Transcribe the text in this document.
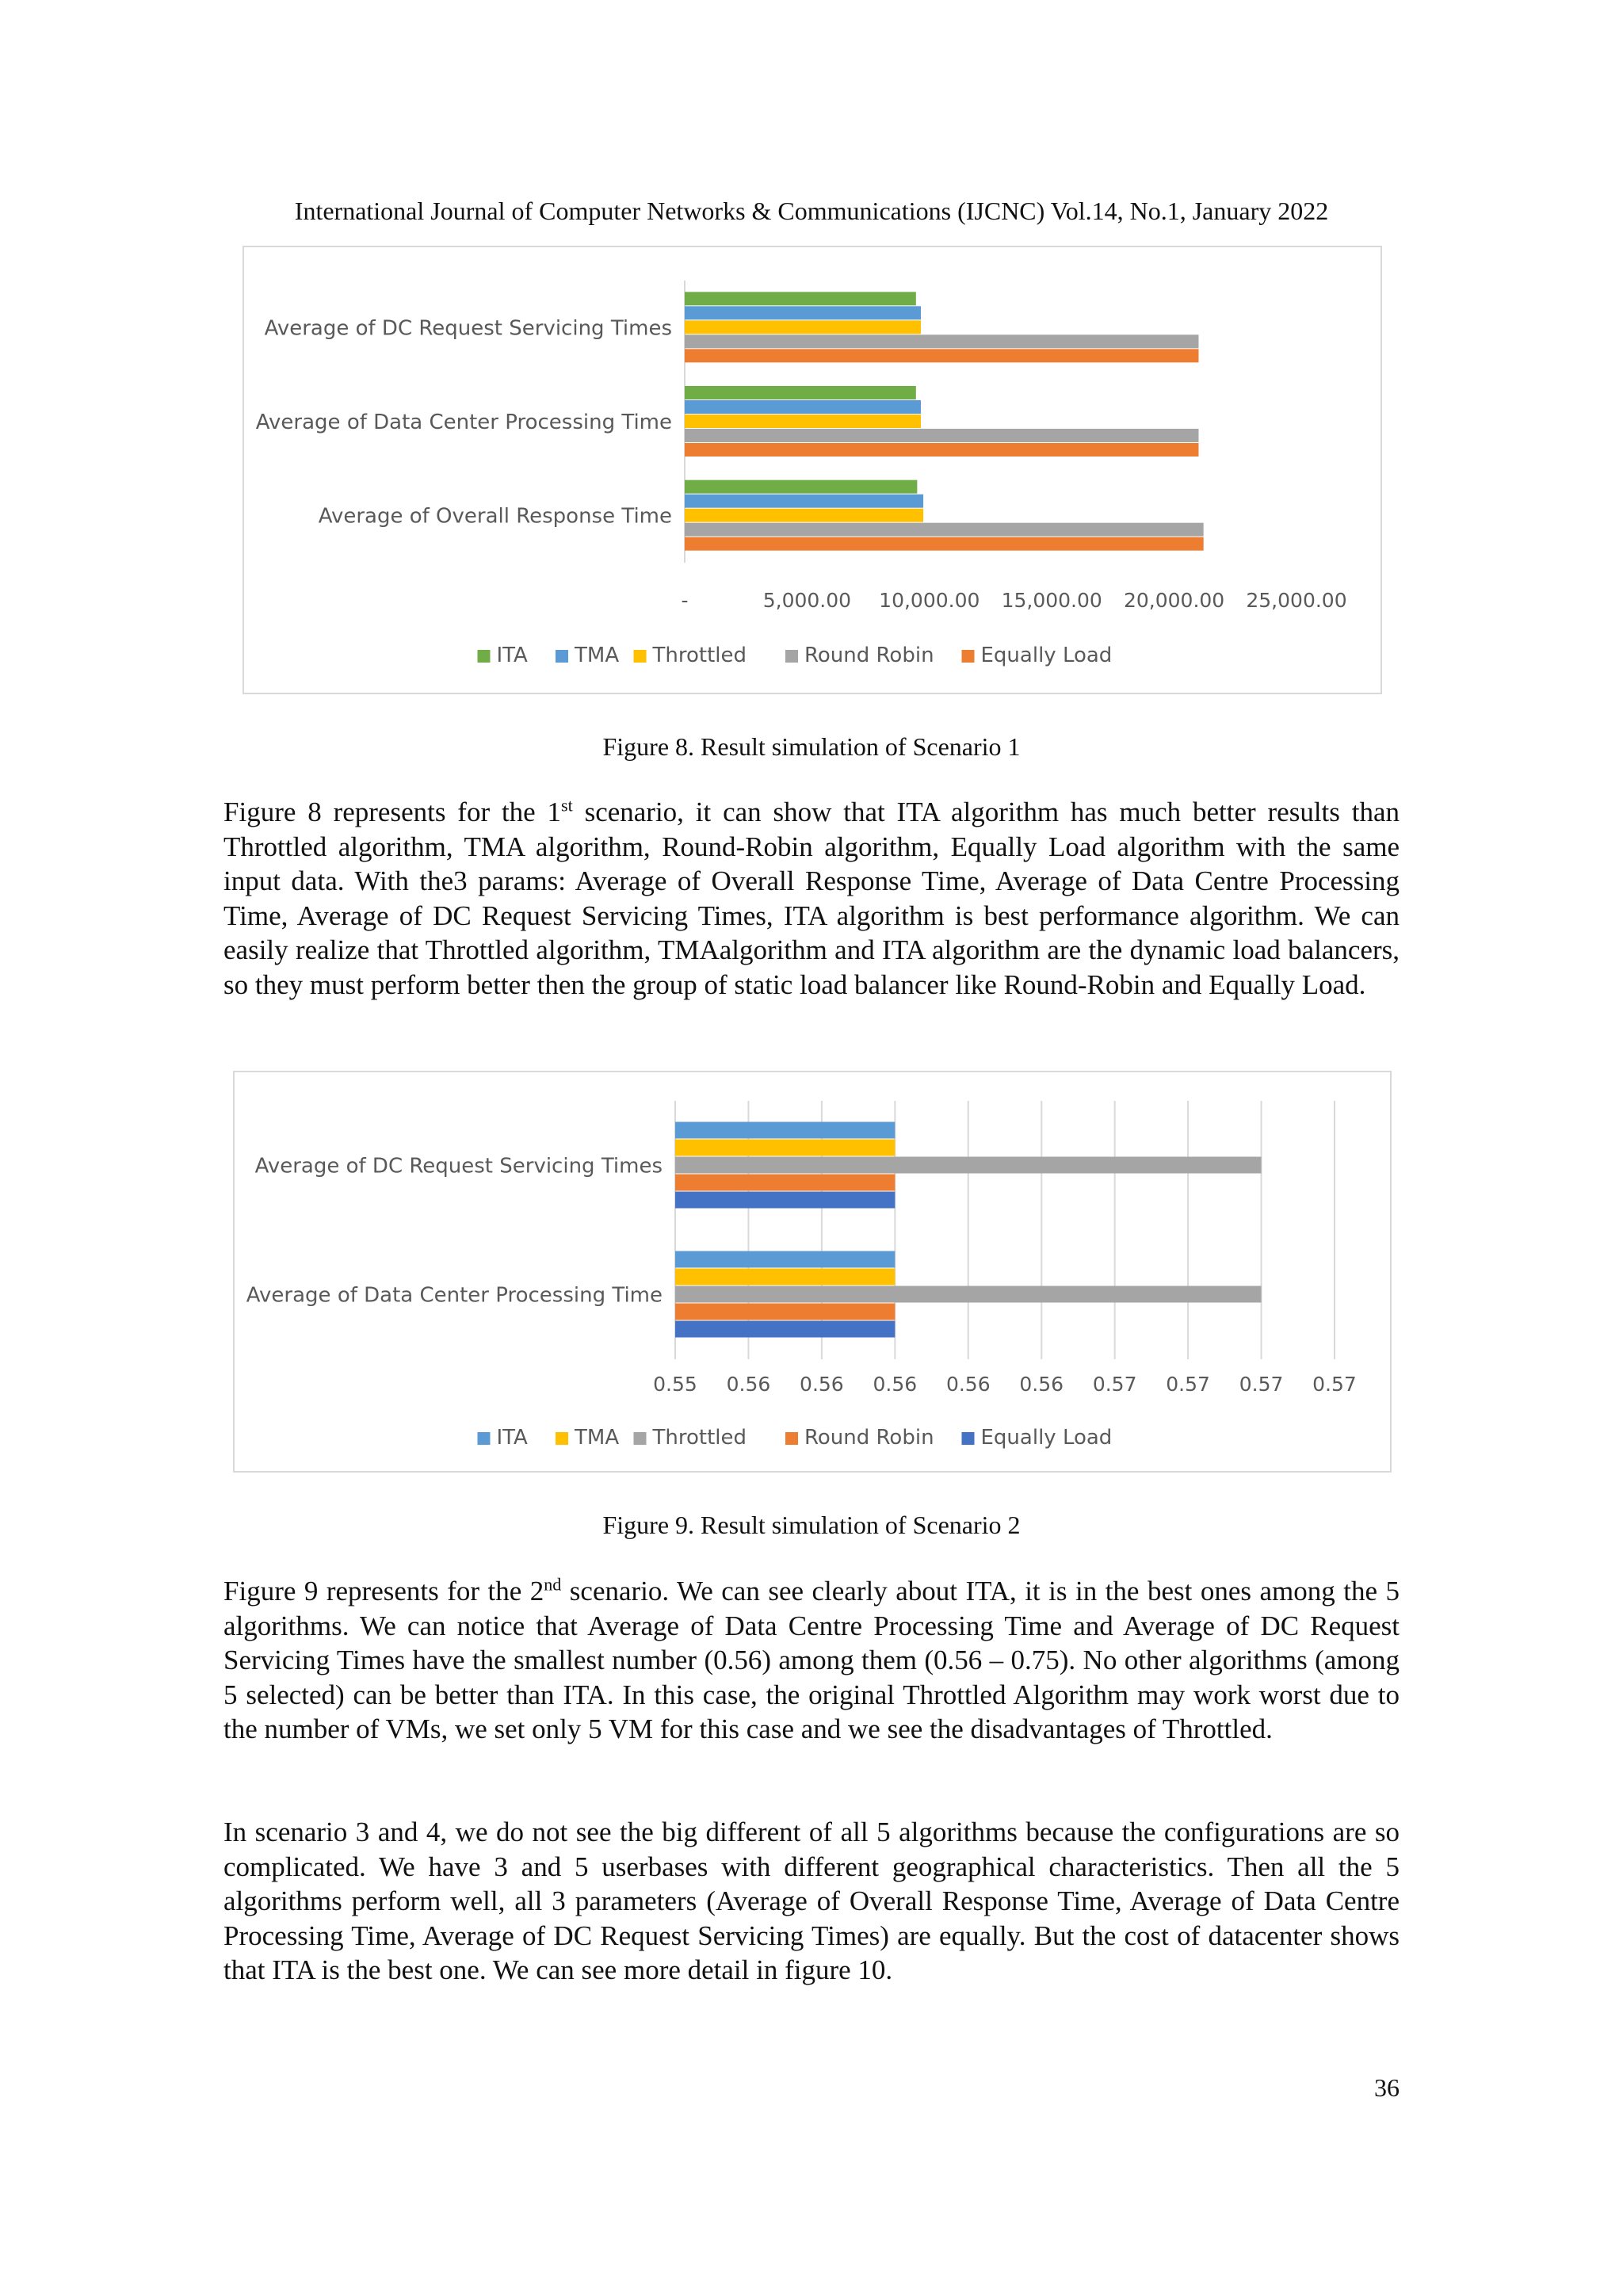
International Journal of Computer Networks & Communications (IJCNC) Vol.14, No.1, January 2022
-	5,000.00 10,000.00 15,000.00 20,000.00 25,000.00
Average of DC Request Servicing Times
Average of Data Center Processing Time
Average of Overall Response Time
ITA TMA Throttled	Round Robin Equally Load
Figure 8. Result simulation of Scenario 1

Figure 8 represents for the 1st scenario, it can show that ITA algorithm has much better results than Throttled algorithm, TMA algorithm, Round-Robin algorithm, Equally Load algorithm with the same input data. With the3 params: Average of Overall Response Time, Average of Data Centre Processing Time, Average of DC Request Servicing Times, ITA algorithm is best performance algorithm. We can easily realize that Throttled algorithm, TMAalgorithm and ITA algorithm are the dynamic load balancers, so they must perform better then the group of static load balancer like Round-Robin and Equally Load.

0.55 0.56 0.56 0.56 0.56 0.56 0.57 0.57 0.57 0.57
Average of DC Request Servicing Times
Average of Data Center Processing Time
ITA TMA Throttled	Round Robin Equally Load
Figure 9. Result simulation of Scenario 2

Figure 9 represents for the 2nd scenario. We can see clearly about ITA, it is in the best ones among the 5 algorithms. We can notice that Average of Data Centre Processing Time and Average of DC Request Servicing Times have the smallest number (0.56) among them (0.56 – 0.75). No other algorithms (among 5 selected) can be better than ITA. In this case, the original Throttled Algorithm may work worst due to the number of VMs, we set only 5 VM for this case and we see the disadvantages of Throttled.

In scenario 3 and 4, we do not see the big different of all 5 algorithms because the configurations are so complicated. We have 3 and 5 userbases with different geographical characteristics. Then all the 5 algorithms perform well, all 3 parameters (Average of Overall Response Time, Average of Data Centre Processing Time, Average of DC Request Servicing Times) are equally. But the cost of datacenter shows that ITA is the best one. We can see more detail in figure 10.

36
